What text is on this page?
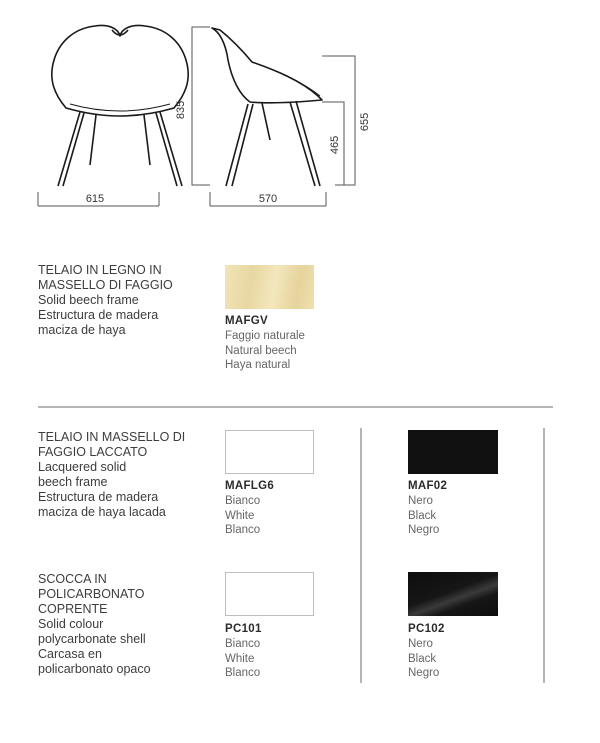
615	570
835
655
465
TELAIO IN LEGNO IN
MASSELLO DI FAGGIO
Solid beech frame
Estructura de madera
maciza de haya
MAFGV
Faggio naturale
Natural beech
Haya natural
TELAIO IN MASSELLO DI
FAGGIO LACCATO
Lacquered solid
beech frame
Estructura de madera
maciza de haya lacada
MAFLG6
Bianco
White
Blanco
MAF02
Nero
Black
Negro
SCOCCA IN
POLICARBONATO
COPRENTE
Solid colour
polycarbonate shell
Carcasa en
policarbonato opaco
PC101
Bianco
White
Blanco
PC102
Nero
Black
Negro
